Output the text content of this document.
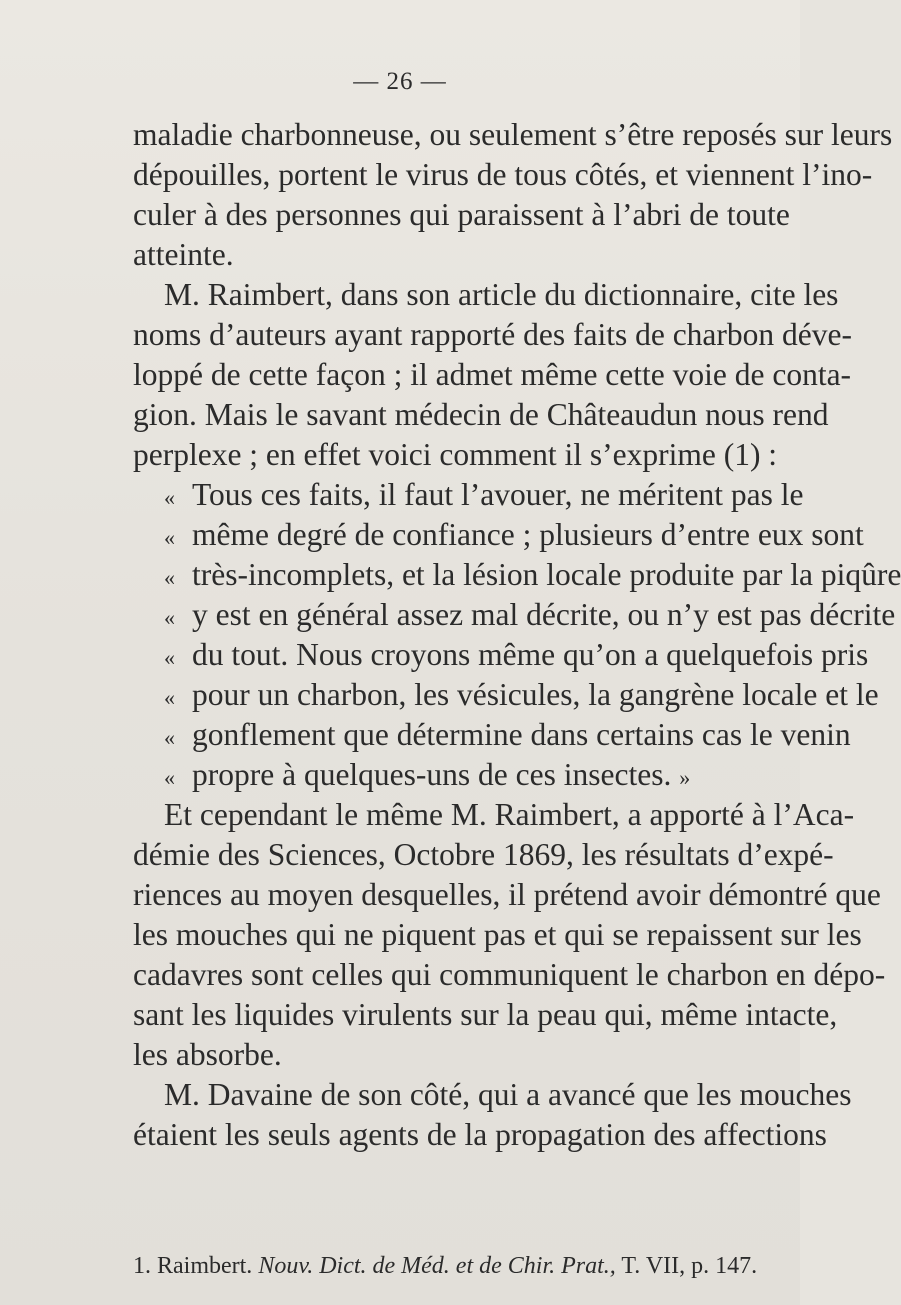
— 26 —
maladie charbonneuse, ou seulement s’être reposés sur leurs
dépouilles, portent le virus de tous côtés, et viennent l’ino-
culer à des personnes qui paraissent à l’abri de toute
atteinte.
M. Raimbert, dans son article du dictionnaire, cite les
noms d’auteurs ayant rapporté des faits de charbon déve-
loppé de cette façon ; il admet même cette voie de conta-
gion. Mais le savant médecin de Châteaudun nous rend
perplexe ; en effet voici comment il s’exprime (1) :
« Tous ces faits, il faut l’avouer, ne méritent pas le
« même degré de confiance ; plusieurs d’entre eux sont
« très-incomplets, et la lésion locale produite par la piqûre
« y est en général assez mal décrite, ou n’y est pas décrite
« du tout. Nous croyons même qu’on a quelquefois pris
« pour un charbon, les vésicules, la gangrène locale et le
« gonflement que détermine dans certains cas le venin
« propre à quelques-uns de ces insectes. »
Et cependant le même M. Raimbert, a apporté à l’Aca-
démie des Sciences, Octobre 1869, les résultats d’expé-
riences au moyen desquelles, il prétend avoir démontré que
les mouches qui ne piquent pas et qui se repaissent sur les
cadavres sont celles qui communiquent le charbon en dépo-
sant les liquides virulents sur la peau qui, même intacte,
les absorbe.
M. Davaine de son côté, qui a avancé que les mouches
étaient les seuls agents de la propagation des affections
1. Raimbert. Nouv. Dict. de Méd. et de Chir. Prat., T. VII, p. 147.
